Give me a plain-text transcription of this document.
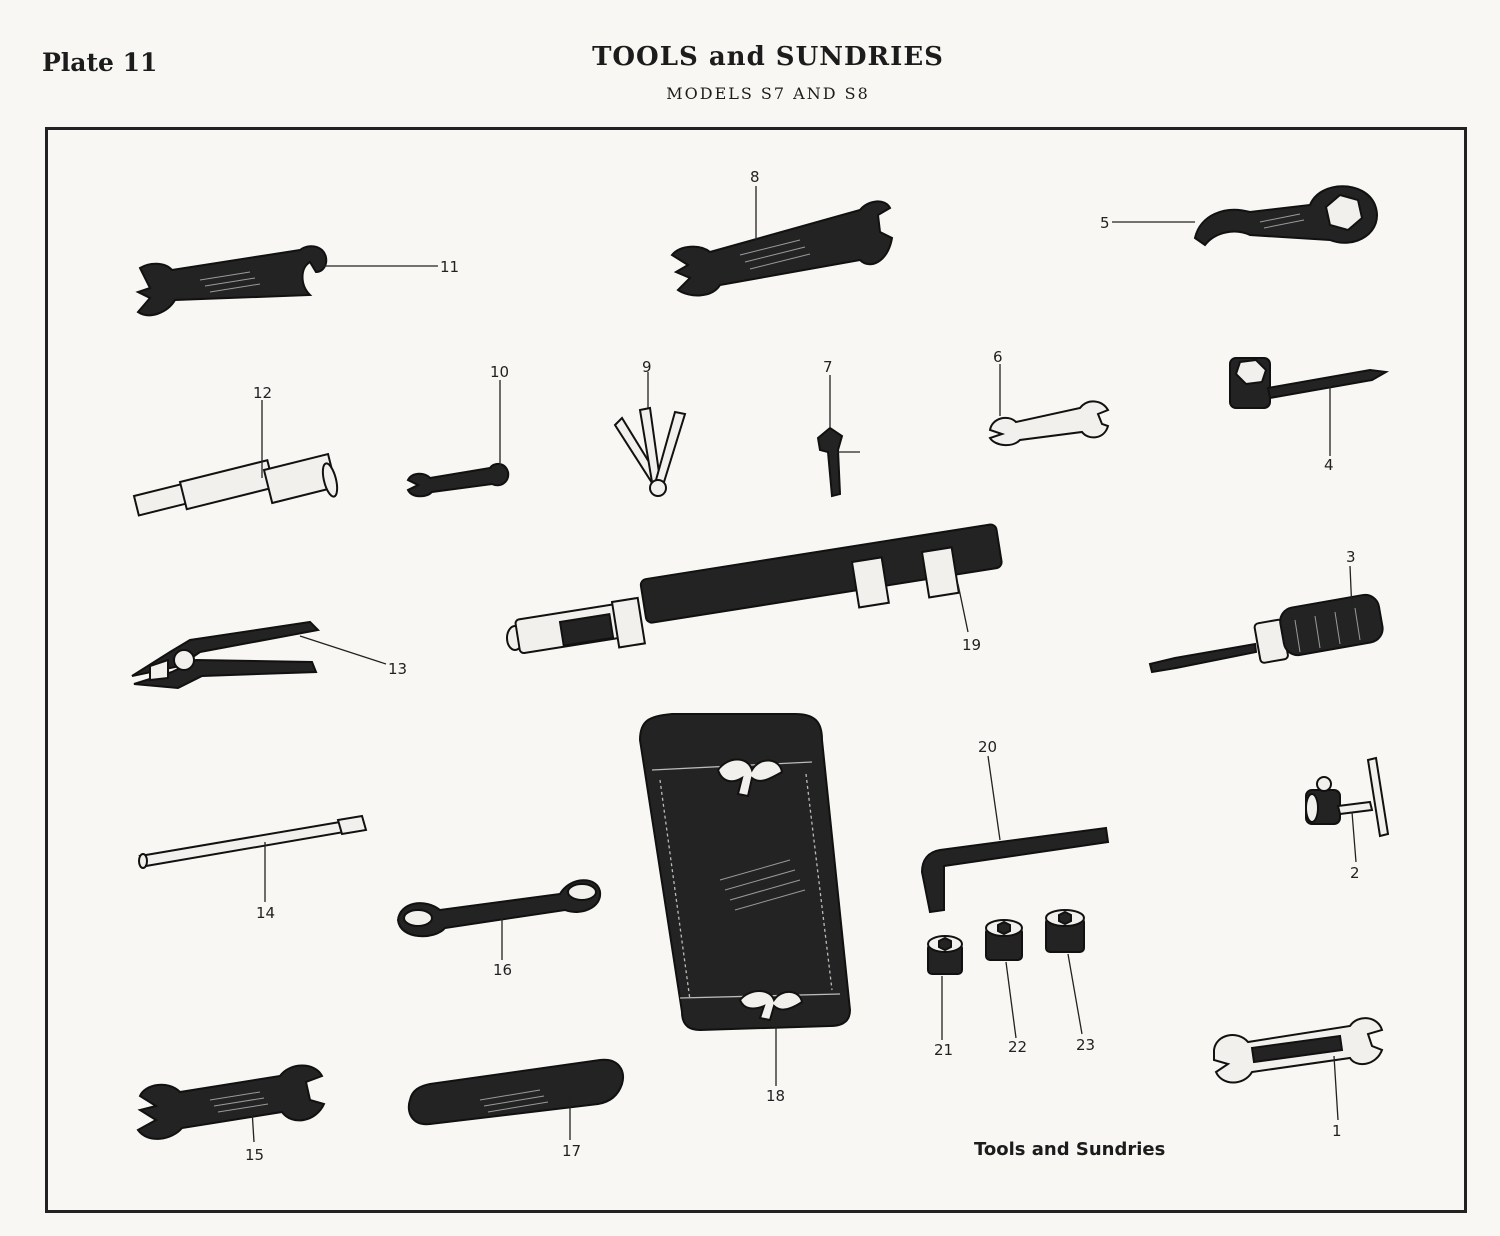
Plate 11	TOOLS and SUNDRIES
MODELS S7 AND S8
11
8
5
12
10	9	7
6
4
19
3
13
14
16
18
20
2
21	22	23
15	17
1
Tools and Sundries
